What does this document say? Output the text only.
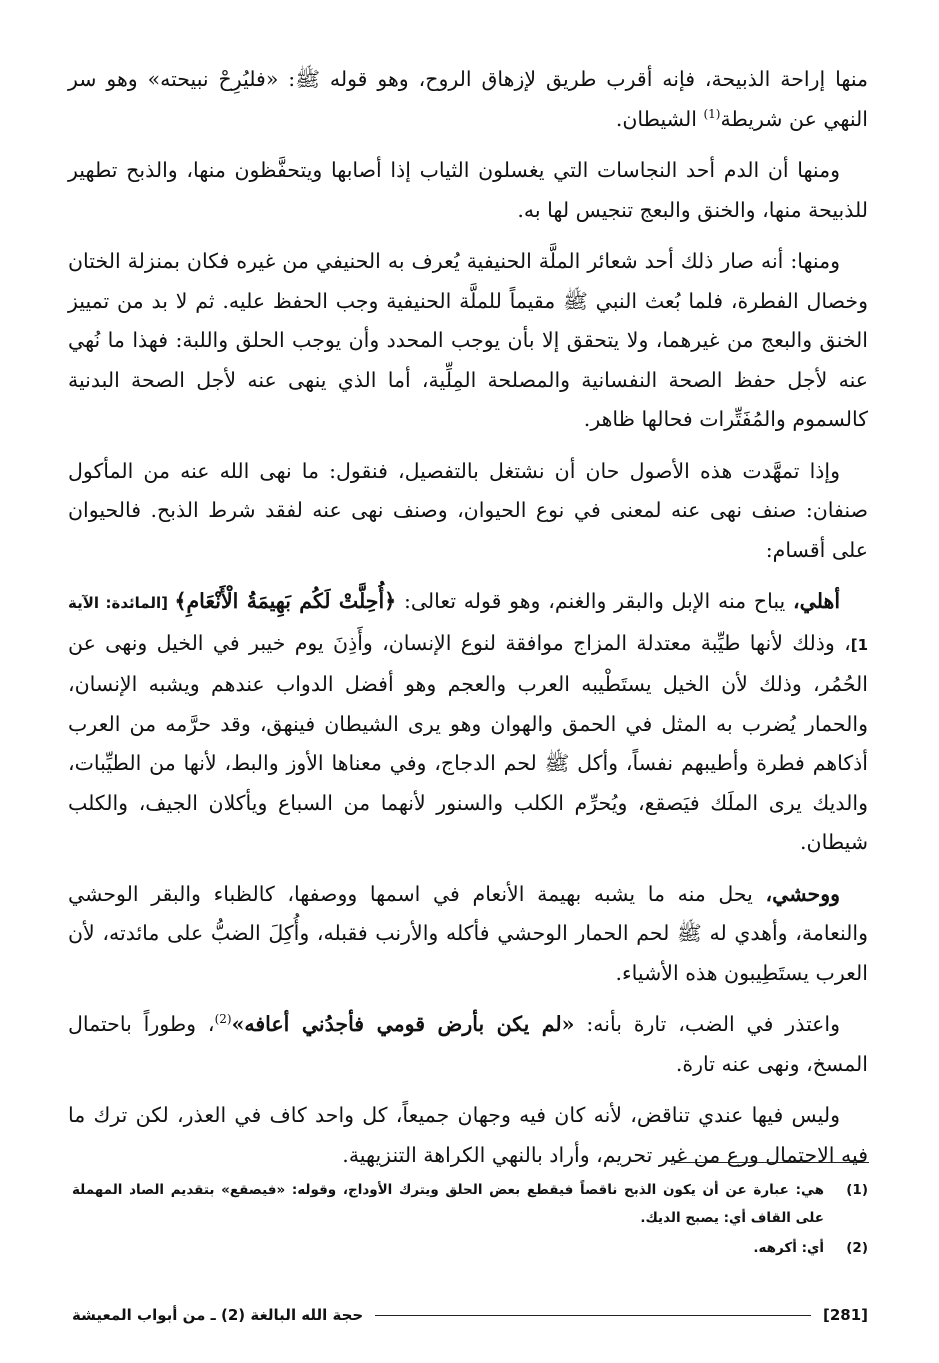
منها إراحة الذبيحة، فإنه أقرب طريق لإزهاق الروح، وهو قوله ﷺ: «فليُرِحْ نبيحته» وهو سر النهي عن شريطة$^{(1)}$ الشيطان.

ومنها أن الدم أحد النجاسات التي يغسلون الثياب إذا أصابها ويتحفَّظون منها، والذبح تطهير للذبيحة منها، والخنق والبعج تنجيس لها به.

ومنها: أنه صار ذلك أحد شعائر الملَّة الحنيفية يُعرف به الحنيفي من غيره فكان بمنزلة الختان وخصال الفطرة، فلما بُعث النبي ﷺ مقيماً للملَّة الحنيفية وجب الحفظ عليه. ثم لا بد من تمييز الخنق والبعج من غيرهما، ولا يتحقق إلا بأن يوجب المحدد وأن يوجب الحلق واللبة: فهذا ما نُهي عنه لأجل حفظ الصحة النفسانية والمصلحة المِلِّية، أما الذي ينهى عنه لأجل الصحة البدنية كالسموم والمُفَتِّرات فحالها ظاهر.

وإذا تمهَّدت هذه الأصول حان أن نشتغل بالتفصيل، فنقول: ما نهى الله عنه من المأكول صنفان: صنف نهى عنه لمعنى في نوع الحيوان، وصنف نهى عنه لفقد شرط الذبح. فالحيوان على أقسام:

أهلي، يباح منه الإبل والبقر والغنم، وهو قوله تعالى: ﴿أُحِلَّتْ لَكُم بَهِيمَةُ الْأَنْعَامِ﴾ [المائدة: الآية 1]، وذلك لأنها طيِّبة معتدلة المزاج موافقة لنوع الإنسان، وأَذِنَ يوم خيبر في الخيل ونهى عن الحُمُر، وذلك لأن الخيل يستَطْيبه العرب والعجم وهو أفضل الدواب عندهم ويشبه الإنسان، والحمار يُضرب به المثل في الحمق والهوان وهو يرى الشيطان فينهق، وقد حرَّمه من العرب أذكاهم فطرة وأطيبهم نفساً، وأكل ﷺ لحم الدجاج، وفي معناها الأوز والبط، لأنها من الطيِّبات، والديك يرى الملَك فيَصقع، ويُحرِّم الكلب والسنور لأنهما من السباع ويأكلان الجيف، والكلب شيطان.

ووحشي، يحل منه ما يشبه بهيمة الأنعام في اسمها ووصفها، كالظباء والبقر الوحشي والنعامة، وأهدي له ﷺ لحم الحمار الوحشي فأكله والأرنب فقبله، وأُكِلَ الضبُّ على مائدته، لأن العرب يستَطِيبون هذه الأشياء.

واعتذر في الضب، تارة بأنه: «لم يكن بأرض قومي فأجدُني أعافه»$^{(2)}$، وطوراً باحتمال المسخ، ونهى عنه تارة.

وليس فيها عندي تناقض، لأنه كان فيه وجهان جميعاً، كل واحد كاف في العذر، لكن ترك ما فيه الاحتمال ورع من غير تحريم، وأراد بالنهي الكراهة التنزيهية.

(1)
هي: عبارة عن أن يكون الذبح ناقصاً فيقطع بعض الحلق ويترك الأوداج، وقوله: «فيصقع» بتقديم الصاد المهملة على القاف أي: يصبح الديك.
(2)
أي: أكرهه.
[281]
حجة الله البالغة (2) ـ من أبواب المعيشة
